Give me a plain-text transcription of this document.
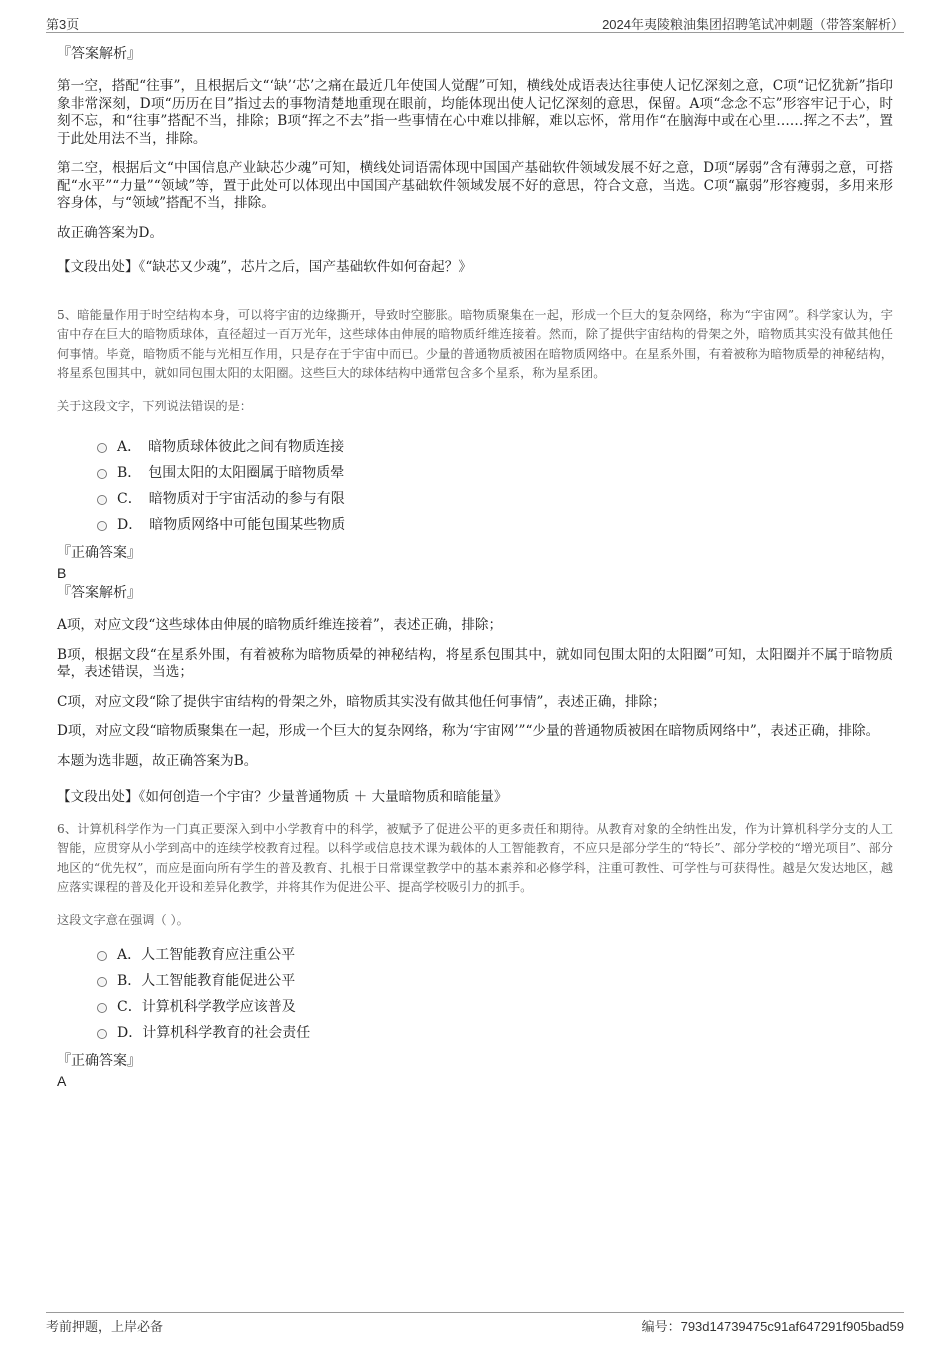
第3页	2024年夷陵粮油集团招聘笔试冲刺题（带答案解析）
『答案解析』

第一空，搭配“往事”，且根据后文“‘缺’‘芯’之痛在最近几年使国人觉醒”可知，横线处成语表达往事使人记忆深刻之意，C项“记忆犹新”指印象非常深刻，D项“历历在目”指过去的事物清楚地重现在眼前，均能体现出使人记忆深刻的意思，保留。A项“念念不忘”形容牢记于心，时刻不忘，和“往事”搭配不当，排除；B项“挥之不去”指一些事情在心中难以排解，难以忘怀，常用作“在脑海中或在心里……挥之不去”，置于此处用法不当，排除。

第二空，根据后文“中国信息产业缺芯少魂”可知，横线处词语需体现中国国产基础软件领域发展不好之意，D项“孱弱”含有薄弱之意，可搭配“水平”“力量”“领域”等，置于此处可以体现出中国国产基础软件领域发展不好的意思，符合文意，当选。C项“羸弱”形容瘦弱，多用来形容身体，与“领域”搭配不当，排除。

故正确答案为D。

【文段出处】《“缺芯又少魂”，芯片之后，国产基础软件如何奋起？》

5、暗能量作用于时空结构本身，可以将宇宙的边缘撕开，导致时空膨胀。暗物质聚集在一起，形成一个巨大的复杂网络，称为“宇宙网”。科学家认为，宇宙中存在巨大的暗物质球体，直径超过一百万光年，这些球体由伸展的暗物质纤维连接着。然而，除了提供宇宙结构的骨架之外，暗物质其实没有做其他任何事情。毕竟，暗物质不能与光相互作用，只是存在于宇宙中而已。少量的普通物质被困在暗物质网络中。在星系外围，有着被称为暗物质晕的神秘结构，将星系包围其中，就如同包围太阳的太阳圈。这些巨大的球体结构中通常包含多个星系，称为星系团。

关于这段文字，下列说法错误的是：

A．　暗物质球体彼此之间有物质连接
B．　包围太阳的太阳圈属于暗物质晕
C．　暗物质对于宇宙活动的参与有限
D．　暗物质网络中可能包围某些物质
『正确答案』
B
『答案解析』

A项，对应文段“这些球体由伸展的暗物质纤维连接着”，表述正确，排除；

B项，根据文段“在星系外围，有着被称为暗物质晕的神秘结构，将星系包围其中，就如同包围太阳的太阳圈”可知，太阳圈并不属于暗物质晕，表述错误，当选；

C项，对应文段“除了提供宇宙结构的骨架之外，暗物质其实没有做其他任何事情”，表述正确，排除；

D项，对应文段“暗物质聚集在一起，形成一个巨大的复杂网络，称为‘宇宙网’”“少量的普通物质被困在暗物质网络中”，表述正确，排除。

本题为选非题，故正确答案为B。

【文段出处】《如何创造一个宇宙？少量普通物质 ＋ 大量暗物质和暗能量》

6、计算机科学作为一门真正要深入到中小学教育中的科学，被赋予了促进公平的更多责任和期待。从教育对象的全纳性出发，作为计算机科学分支的人工智能，应贯穿从小学到高中的连续学校教育过程。以科学或信息技术课为载体的人工智能教育，不应只是部分学生的“特长”、部分学校的“增光项目”、部分地区的“优先权”，而应是面向所有学生的普及教育、扎根于日常课堂教学中的基本素养和必修学科，注重可教性、可学性与可获得性。越是欠发达地区，越应落实课程的普及化开设和差异化教学，并将其作为促进公平、提高学校吸引力的抓手。

这段文字意在强调（ ）。

A．人工智能教育应注重公平
B．人工智能教育能促进公平
C．计算机科学教学应该普及
D．计算机科学教育的社会责任
『正确答案』
A
考前押题，上岸必备	编号：793d14739475c91af647291f905bad59
